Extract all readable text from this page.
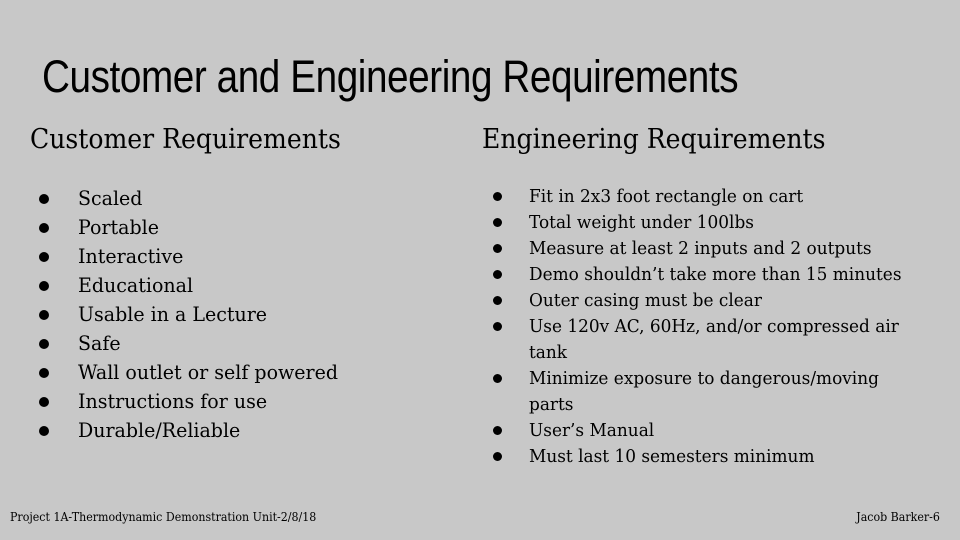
Customer and Engineering Requirements
Customer Requirements	Engineering Requirements
Scaled
Portable
Interactive
Educational
Usable in a Lecture
Safe
Wall outlet or self powered
Instructions for use
Durable/Reliable
Fit in 2x3 foot rectangle on cart
Total weight under 100lbs
Measure at least 2 inputs and 2 outputs
Demo shouldn’t take more than 15 minutes
Outer casing must be clear
Use 120v AC, 60Hz, and/or compressed air tank
Minimize exposure to dangerous/moving parts
User’s Manual
Must last 10 semesters minimum
Project 1A-Thermodynamic Demonstration Unit-2/8/18	Jacob Barker-6
